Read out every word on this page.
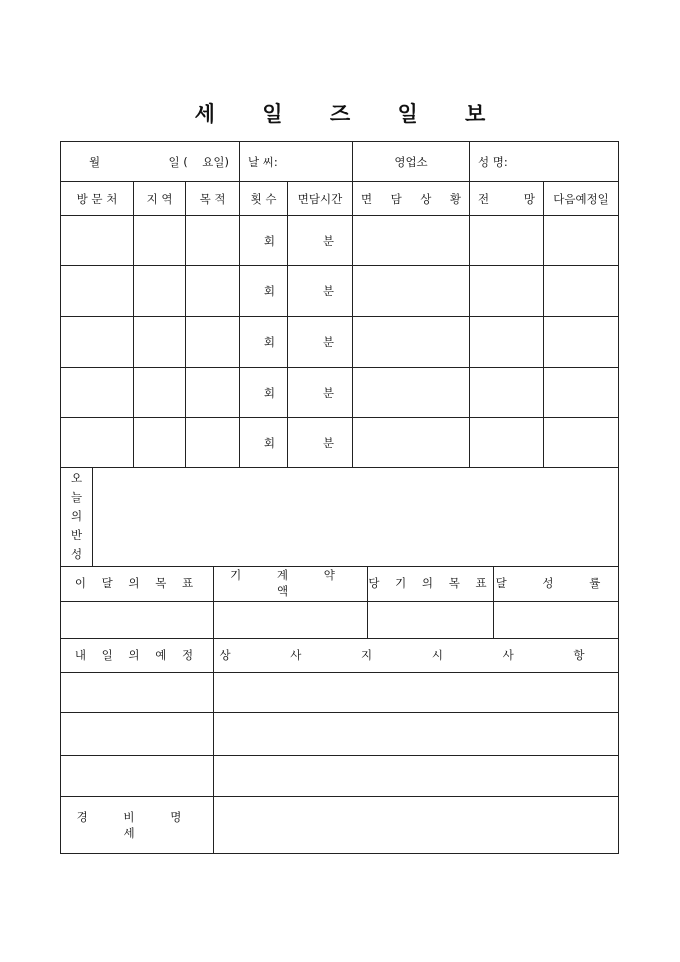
세 일 즈 일 보
월 일 (    요일)			날 씨:		영업소	성 명:	
방 문 처	지 역	목 적	횟 수	면담시간	면 담 상 황	전 망	다음예정일

			회	분			

			회	분			

			회	분			

			회	분			

			회	분			

오
늘
의
반
성

이 달 의 목 표	기 계 약 액	당 기 의 목 표	달 성 률

내 일 의 예 정	상 사 지 시 사 항

경 비 명 세	
